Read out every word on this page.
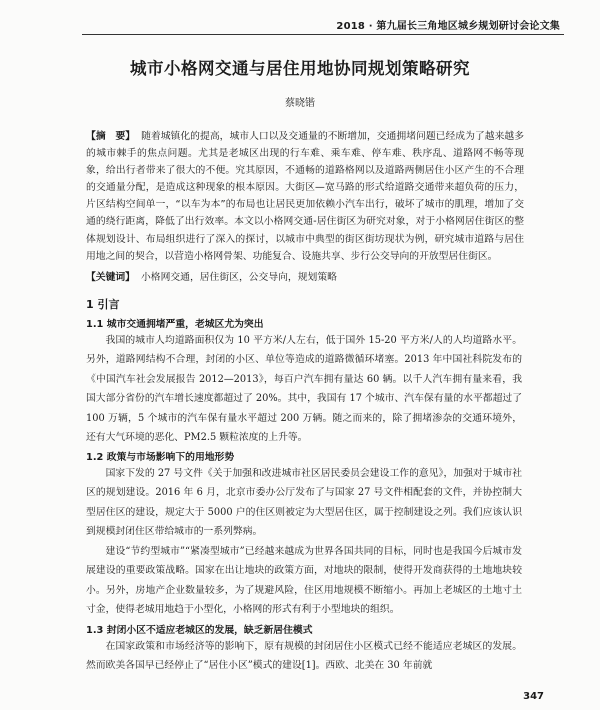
2018 · 第九届长三角地区城乡规划研讨会论文集
城市小格网交通与居住用地协同规划策略研究
蔡晓锴
【摘　要】 随着城镇化的提高，城市人口以及交通量的不断增加，交通拥堵问题已经成为了越来越多的城市棘手的焦点问题。尤其是老城区出现的行车难、乘车难、停车难、秩序乱、道路网不畅等现象，给出行者带来了很大的不便。究其原因，不通畅的道路格网以及道路两侧居住小区产生的不合理的交通量分配，是造成这种现象的根本原因。大街区—宽马路的形式给道路交通带来超负荷的压力，片区结构空间单一，“以车为本”的布局也让居民更加依赖小汽车出行，破坏了城市的肌理，增加了交通的绕行距离，降低了出行效率。本文以小格网交通-居住街区为研究对象，对于小格网居住街区的整体规划设计、布局组织进行了深入的探讨，以城市中典型的街区街坊现状为例，研究城市道路与居住用地之间的契合，以营造小格网骨架、功能复合、设施共享、步行公交导向的开放型居住街区。
【关键词】 小格网交通，居住街区，公交导向，规划策略
1 引言
1.1 城市交通拥堵严重，老城区尤为突出
我国的城市人均道路面积仅为 10 平方米/人左右，低于国外 15-20 平方米/人的人均道路水平。另外，道路网结构不合理，封闭的小区、单位等造成的道路微循环堵塞。2013 年中国社科院发布的《中国汽车社会发展报告 2012—2013》，每百户汽车拥有量达 60 辆。以千人汽车拥有量来看，我国大部分省份的汽车增长速度都超过了 20%。其中，我国有 17 个城市、汽车保有量的水平都超过了 100 万辆，5 个城市的汽车保有量水平超过 200 万辆。随之而来的，除了拥堵渗杂的交通环境外，还有大气环境的恶化、PM2.5 颗粒浓度的上升等。
1.2 政策与市场影响下的用地形势
国家下发的 27 号文件《关于加强和改进城市社区居民委员会建设工作的意见》，加强对于城市社区的规划建设。2016 年 6 月，北京市委办公厅发布了与国家 27 号文件相配套的文件，并协控制大型居住区的建设，规定大于 5000 户的住区则被定为大型居住区，属于控制建设之列。我们应该认识到规模封闭住区带给城市的一系列弊病。
建设“节约型城市”“紧凑型城市”已经越来越成为世界各国共同的目标，同时也是我国今后城市发展建设的重要政策战略。国家在出让地块的政策方面，对地块的限制，使得开发商获得的土地地块较小。另外，房地产企业数量较多，为了规避风险，住区用地规模不断缩小。再加上老城区的土地寸土寸金，使得老城用地趋于小型化，小格网的形式有利于小型地块的组织。
1.3 封闭小区不适应老城区的发展，缺乏新居住模式
在国家政策和市场经济等的影响下，原有规模的封闭居住小区模式已经不能适应老城区的发展。然而欧美各国早已经停止了“居住小区”模式的建设[1]。西欧、北美在 30 年前就
347
